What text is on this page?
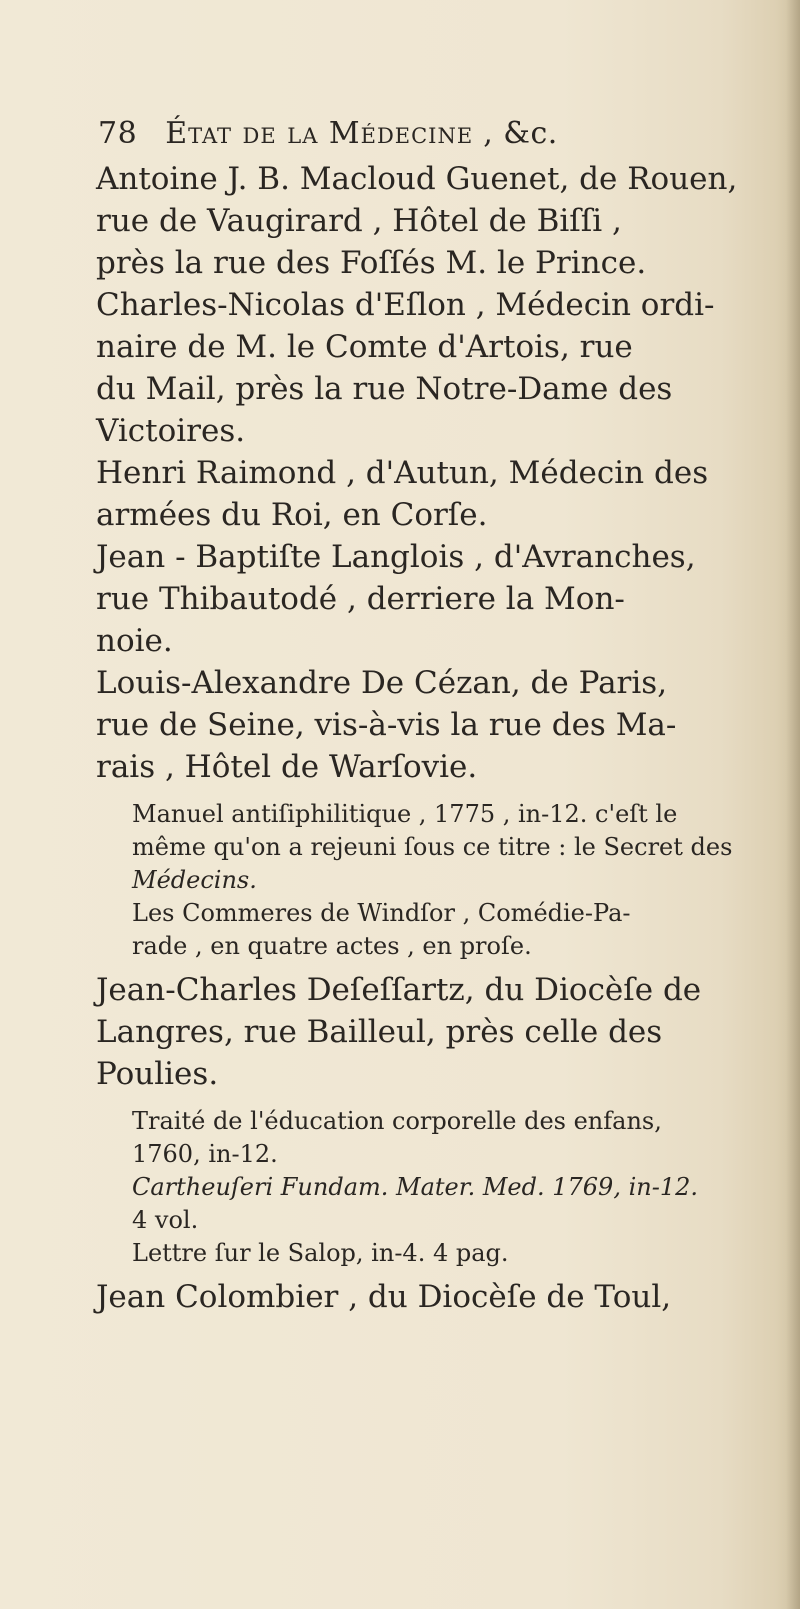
78 État de la Médecine , &c.

Antoine J. B. Macloud Guenet, de Rouen,
rue de Vaugirard , Hôtel de Biſſi ,
près la rue des Foſſés M. le Prince.

Charles-Nicolas d'Eſlon , Médecin ordi-
naire de M. le Comte d'Artois, rue
du Mail, près la rue Notre-Dame des
Victoires.

Henri Raimond , d'Autun, Médecin des
armées du Roi, en Corſe.

Jean - Baptiſte Langlois , d'Avranches,
rue Thibautodé , derriere la Mon-
noie.

Louis-Alexandre De Cézan, de Paris,
rue de Seine, vis-à-vis la rue des Ma-
rais , Hôtel de Warſovie.

Manuel antiſiphilitique , 1775 , in-12. c'eſt le
même qu'on a rejeuni ſous ce titre : le Secret des
Médecins.

Les Commeres de Windſor , Comédie-Pa-
rade , en quatre actes , en proſe.

Jean-Charles Deſeſſartz, du Diocèſe de
Langres, rue Bailleul, près celle des
Poulies.

Traité de l'éducation corporelle des enfans,
1760, in-12.

Cartheuſeri Fundam. Mater. Med. 1769, in-12.
4 vol.

Lettre ſur le Salop, in-4. 4 pag.

Jean Colombier , du Diocèſe de Toul,
